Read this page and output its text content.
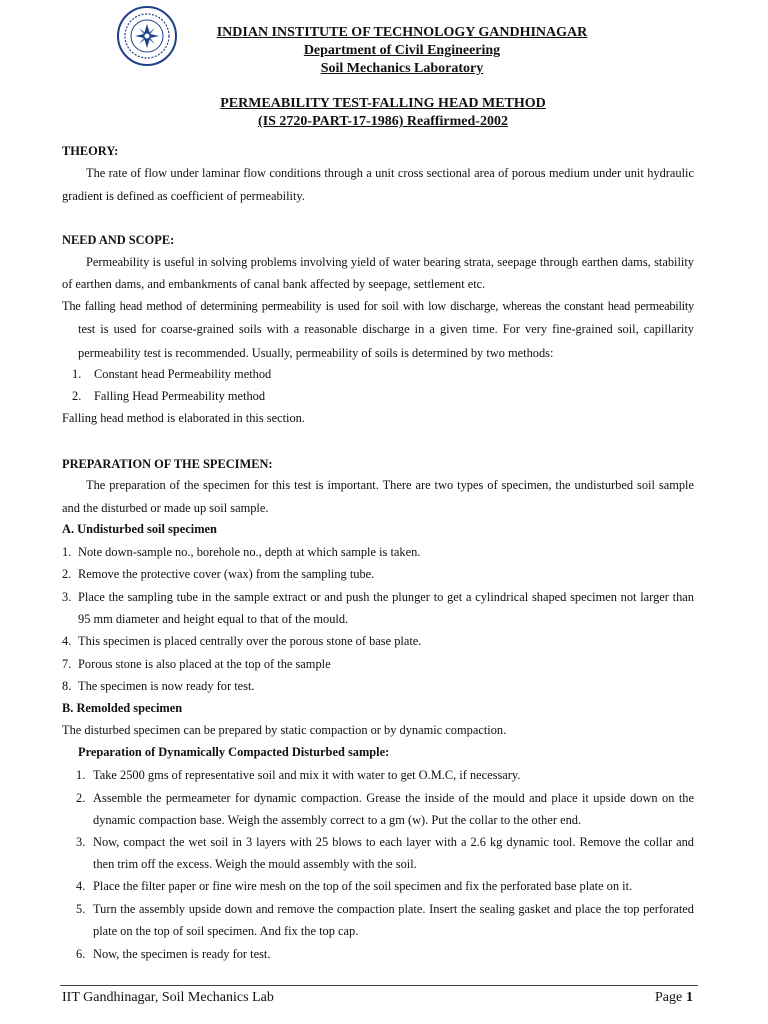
INDIAN INSTITUTE OF TECHNOLOGY GANDHINAGAR
Department of Civil Engineering
Soil Mechanics Laboratory
PERMEABILITY TEST-FALLING HEAD METHOD
(IS 2720-PART-17-1986) Reaffirmed-2002
THEORY:
The rate of flow under laminar flow conditions through a unit cross sectional area of porous medium under unit hydraulic
gradient is defined as coefficient of permeability.
NEED AND SCOPE:
Permeability is useful in solving problems involving yield of water bearing strata, seepage through earthen dams, stability
of earthen dams, and embankments of canal bank affected by seepage, settlement etc.
The falling head method of determining permeability is used for soil with low discharge, whereas the constant head permeability
test is used for coarse-grained soils with a reasonable discharge in a given time. For very fine-grained soil, capillarity
permeability test is recommended. Usually, permeability of soils is determined by two methods:
1. Constant head Permeability method
2. Falling Head Permeability method
Falling head method is elaborated in this section.
PREPARATION OF THE SPECIMEN:
The preparation of the specimen for this test is important. There are two types of specimen, the undisturbed soil sample
and the disturbed or made up soil sample.
A. Undisturbed soil specimen
1. Note down-sample no., borehole no., depth at which sample is taken.
2. Remove the protective cover (wax) from the sampling tube.
3. Place the sampling tube in the sample extract or and push the plunger to get a cylindrical shaped specimen not larger than
95 mm diameter and height equal to that of the mould.
4. This specimen is placed centrally over the porous stone of base plate.
7. Porous stone is also placed at the top of the sample
8. The specimen is now ready for test.
B. Remolded specimen
The disturbed specimen can be prepared by static compaction or by dynamic compaction.
Preparation of Dynamically Compacted Disturbed sample:
1. Take 2500 gms of representative soil and mix it with water to get O.M.C, if necessary.
2. Assemble the permeameter for dynamic compaction. Grease the inside of the mould and place it upside down on the
dynamic compaction base. Weigh the assembly correct to a gm (w). Put the collar to the other end.
3. Now, compact the wet soil in 3 layers with 25 blows to each layer with a 2.6 kg dynamic tool. Remove the collar and
then trim off the excess. Weigh the mould assembly with the soil.
4. Place the filter paper or fine wire mesh on the top of the soil specimen and fix the perforated base plate on it.
5. Turn the assembly upside down and remove the compaction plate. Insert the sealing gasket and place the top perforated
plate on the top of soil specimen. And fix the top cap.
6. Now, the specimen is ready for test.
IIT Gandhinagar, Soil Mechanics Lab	Page 1
